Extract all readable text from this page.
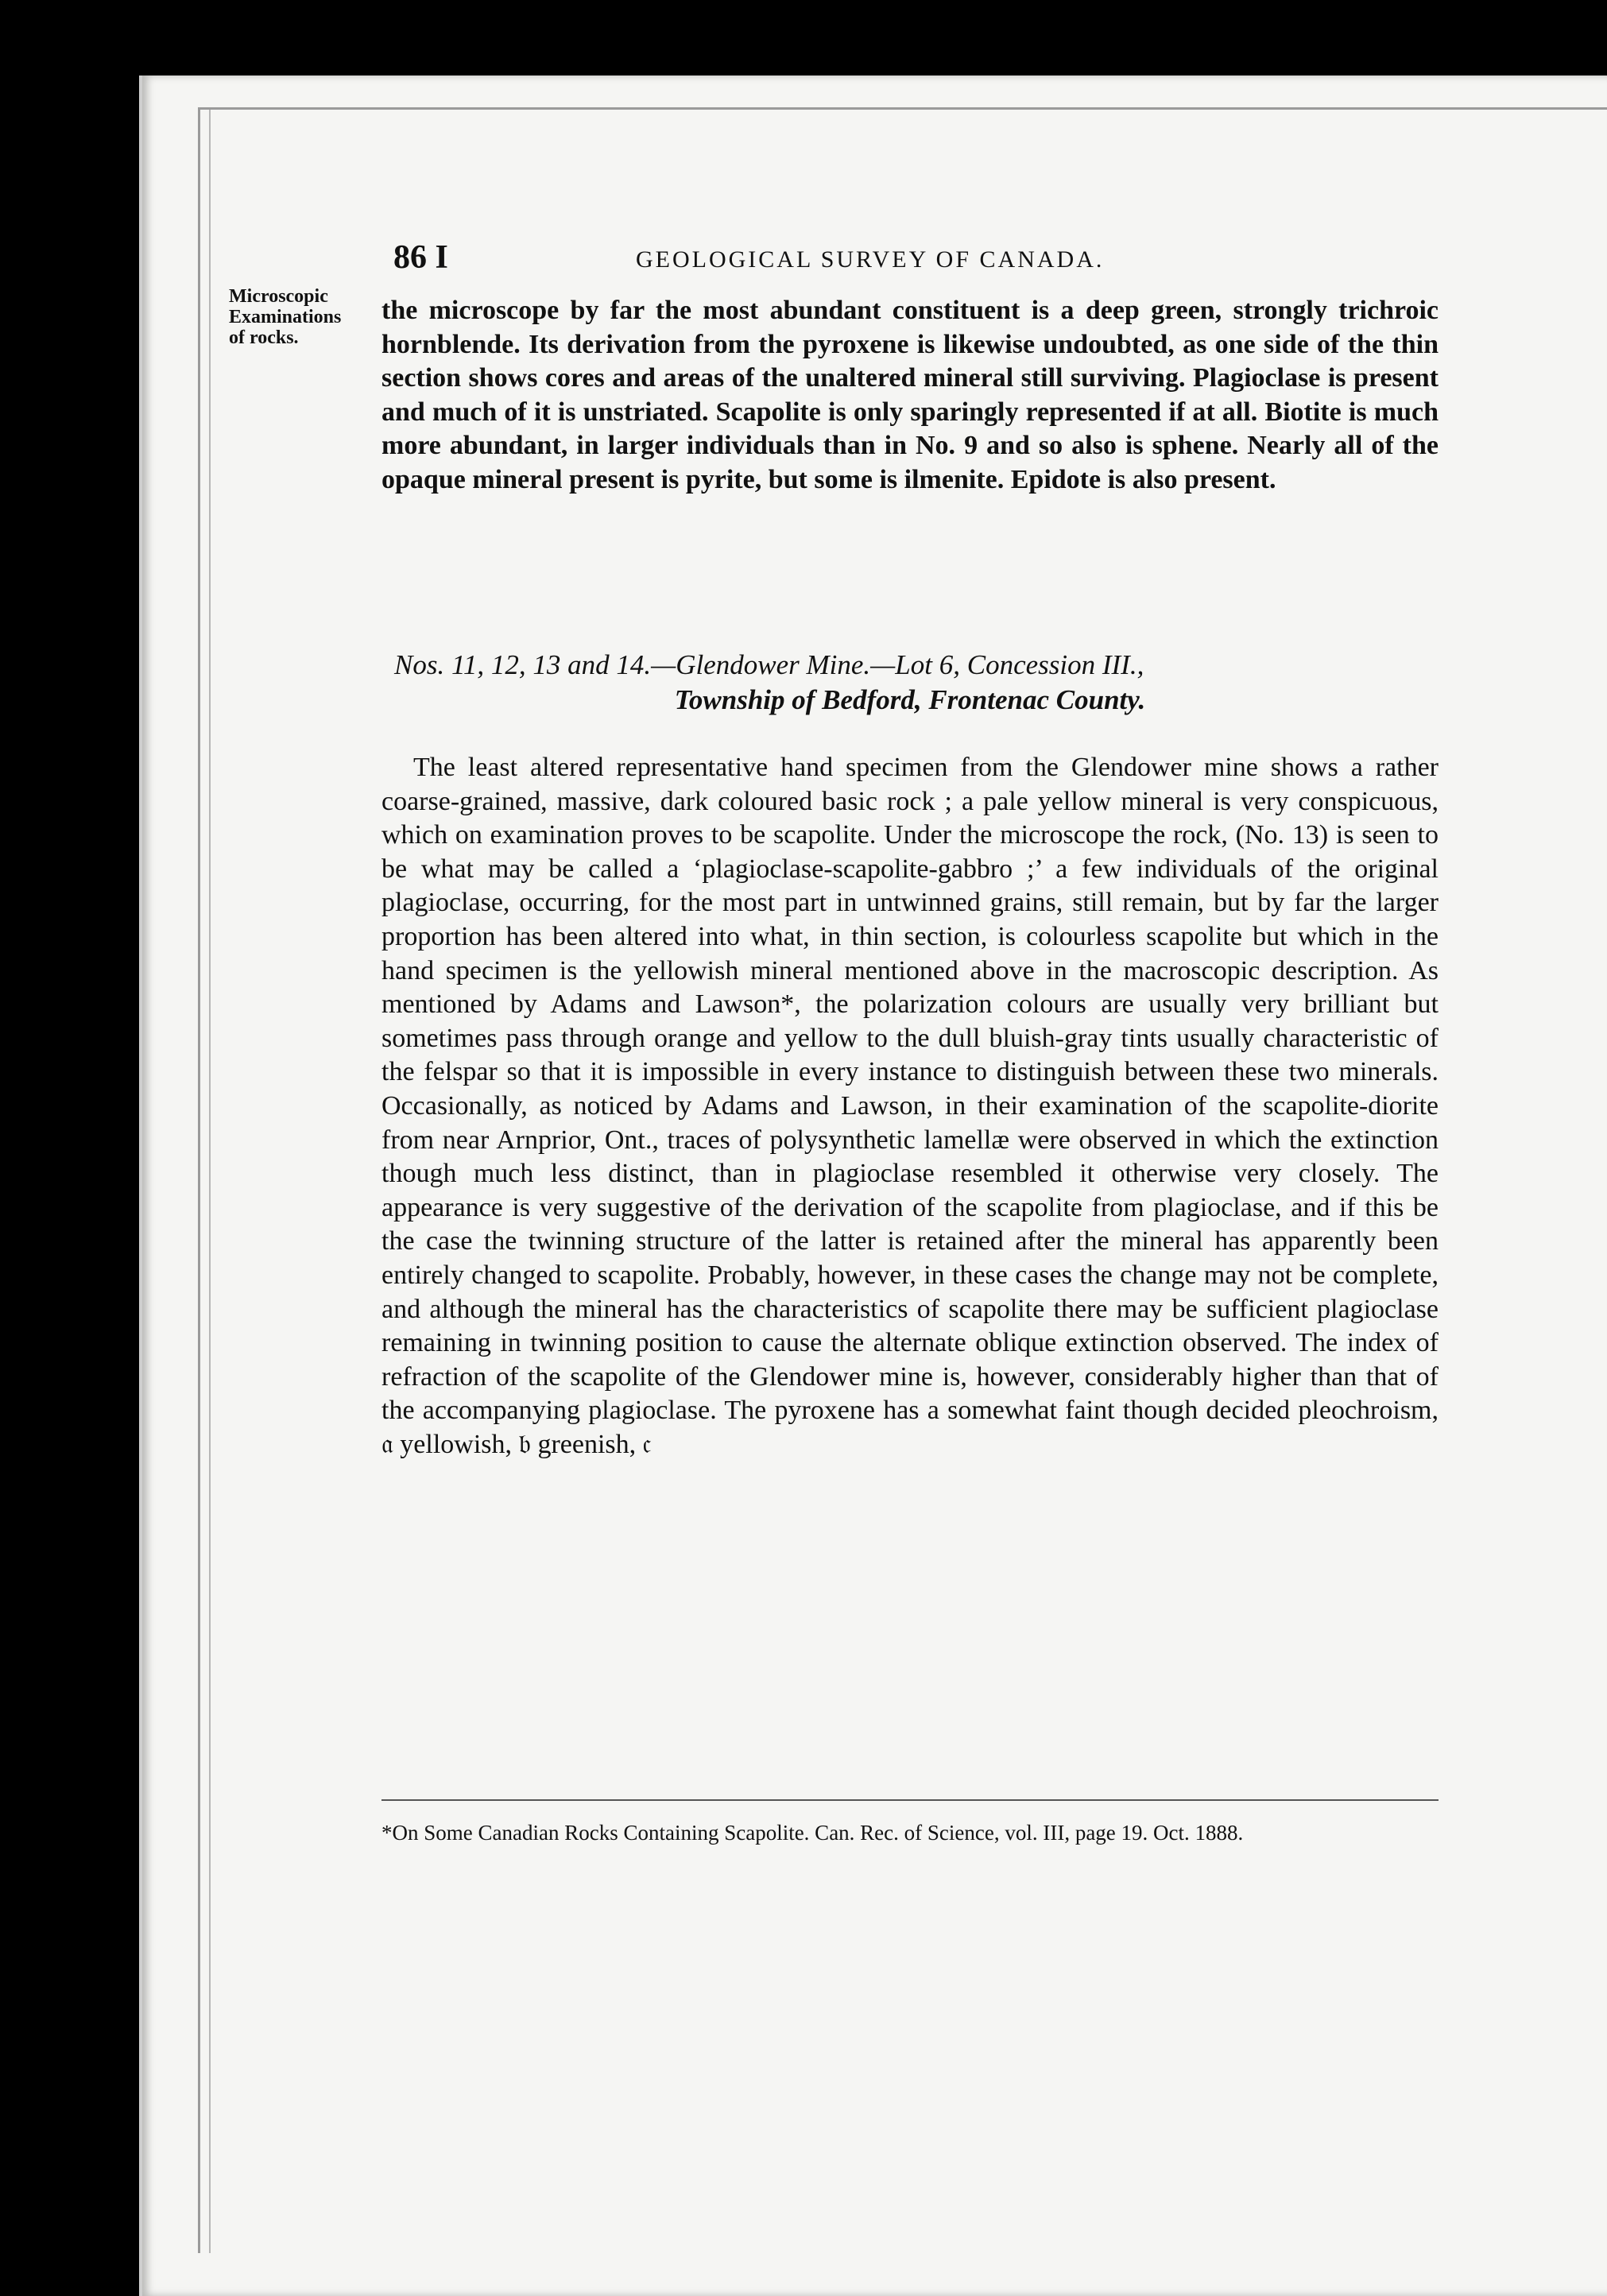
86 I	GEOLOGICAL SURVEY OF CANADA.
Microscopic Examinations of rocks.

the microscope by far the most abundant constituent is a deep green, strongly trichroic hornblende. Its derivation from the pyroxene is likewise undoubted, as one side of the thin section shows cores and areas of the unaltered mineral still surviving. Plagioclase is present and much of it is unstriated. Scapolite is only sparingly represented if at all. Biotite is much more abundant, in larger individuals than in No. 9 and so also is sphene. Nearly all of the opaque mineral present is pyrite, but some is ilmenite. Epidote is also present.

Nos. 11, 12, 13 and 14.—Glendower Mine.—Lot 6, Concession III.,
Township of Bedford, Frontenac County.

The least altered representative hand specimen from the Glendower mine shows a rather coarse-grained, massive, dark coloured basic rock ; a pale yellow mineral is very conspicuous, which on examination proves to be scapolite. Under the microscope the rock, (No. 13) is seen to be what may be called a ‘plagioclase-scapolite-gabbro ;’ a few individuals of the original plagioclase, occurring, for the most part in untwinned grains, still remain, but by far the larger proportion has been altered into what, in thin section, is colourless scapolite but which in the hand specimen is the yellowish mineral mentioned above in the macroscopic description. As mentioned by Adams and Lawson*, the polarization colours are usually very brilliant but sometimes pass through orange and yellow to the dull bluish-gray tints usually characteristic of the felspar so that it is impossible in every instance to distinguish between these two minerals. Occasionally, as noticed by Adams and Lawson, in their examination of the scapolite-diorite from near Arnprior, Ont., traces of polysynthetic lamellæ were observed in which the extinction though much less distinct, than in plagioclase resembled it otherwise very closely. The appearance is very suggestive of the derivation of the scapolite from plagioclase, and if this be the case the twinning structure of the latter is retained after the mineral has apparently been entirely changed to scapolite. Probably, however, in these cases the change may not be complete, and although the mineral has the characteristics of scapolite there may be sufficient plagioclase remaining in twinning position to cause the alternate oblique extinction observed. The index of refraction of the scapolite of the Glendower mine is, however, considerably higher than that of the accompanying plagioclase. The pyroxene has a somewhat faint though decided pleochroism, 𝔞 yellowish, 𝔟 greenish, 𝔠

*On Some Canadian Rocks Containing Scapolite. Can. Rec. of Science, vol. III, page 19. Oct. 1888.
